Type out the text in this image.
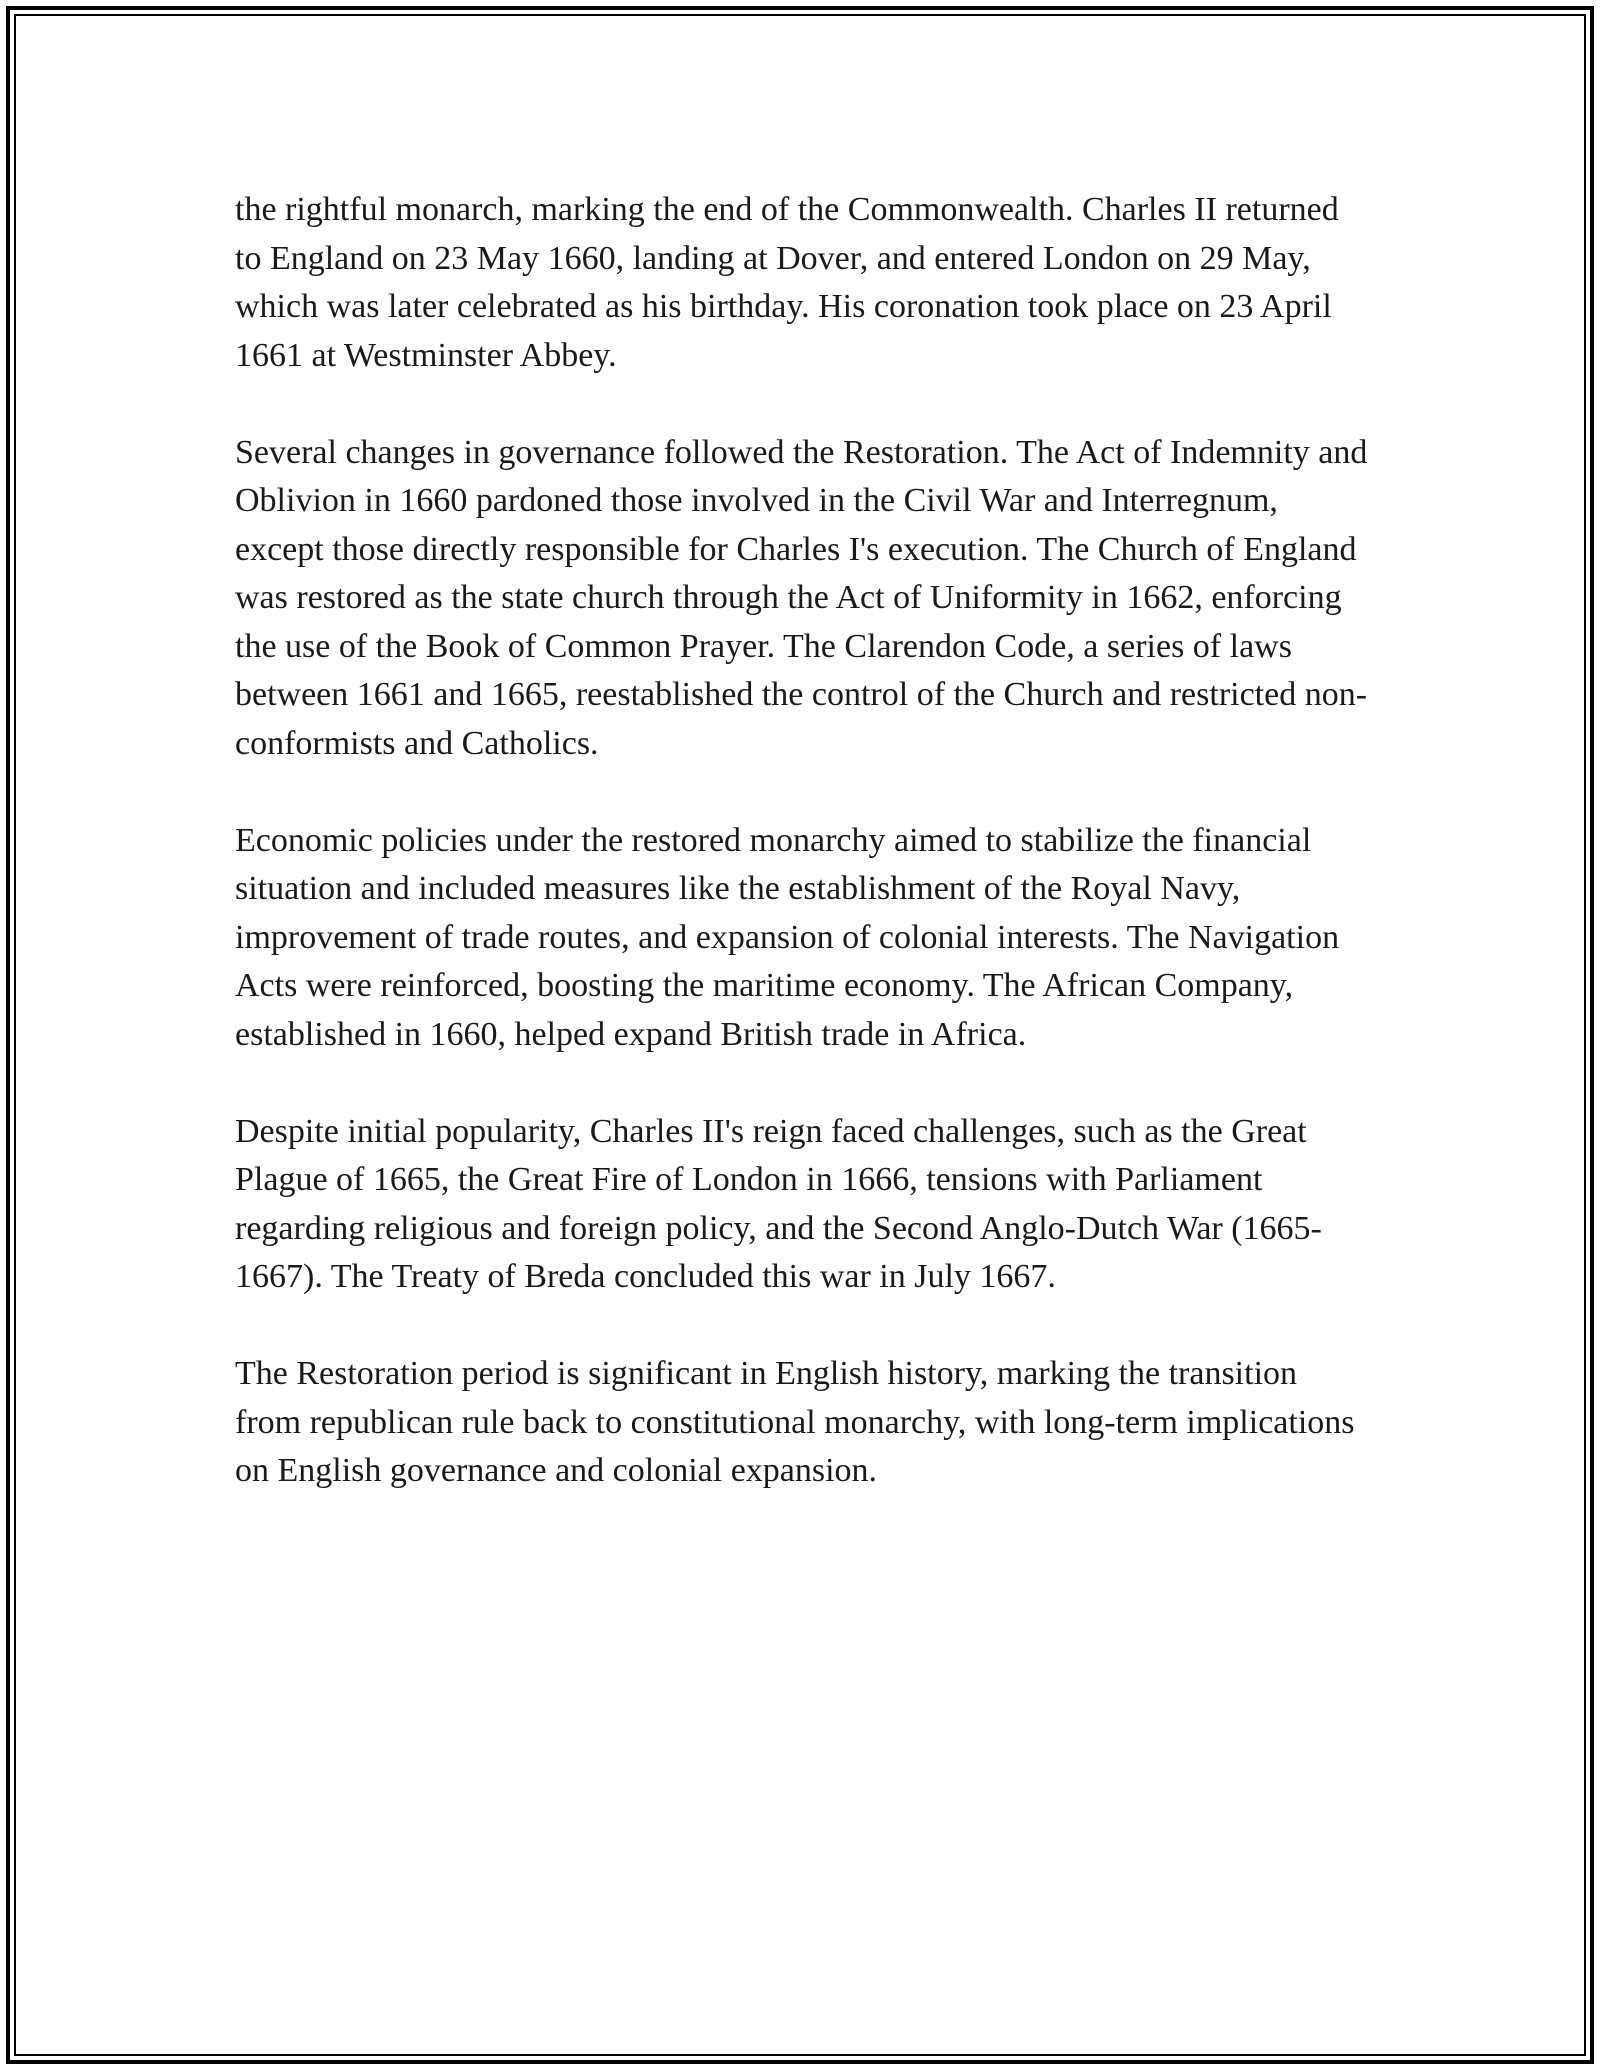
the rightful monarch, marking the end of the Commonwealth. Charles II returned to England on 23 May 1660, landing at Dover, and entered London on 29 May, which was later celebrated as his birthday. His coronation took place on 23 April 1661 at Westminster Abbey.

Several changes in governance followed the Restoration. The Act of Indemnity and Oblivion in 1660 pardoned those involved in the Civil War and Interregnum, except those directly responsible for Charles I's execution. The Church of England was restored as the state church through the Act of Uniformity in 1662, enforcing the use of the Book of Common Prayer. The Clarendon Code, a series of laws between 1661 and 1665, reestablished the control of the Church and restricted non-conformists and Catholics.

Economic policies under the restored monarchy aimed to stabilize the financial situation and included measures like the establishment of the Royal Navy, improvement of trade routes, and expansion of colonial interests. The Navigation Acts were reinforced, boosting the maritime economy. The African Company, established in 1660, helped expand British trade in Africa.

Despite initial popularity, Charles II's reign faced challenges, such as the Great Plague of 1665, the Great Fire of London in 1666, tensions with Parliament regarding religious and foreign policy, and the Second Anglo-Dutch War (1665-1667). The Treaty of Breda concluded this war in July 1667.

The Restoration period is significant in English history, marking the transition from republican rule back to constitutional monarchy, with long-term implications on English governance and colonial expansion.
